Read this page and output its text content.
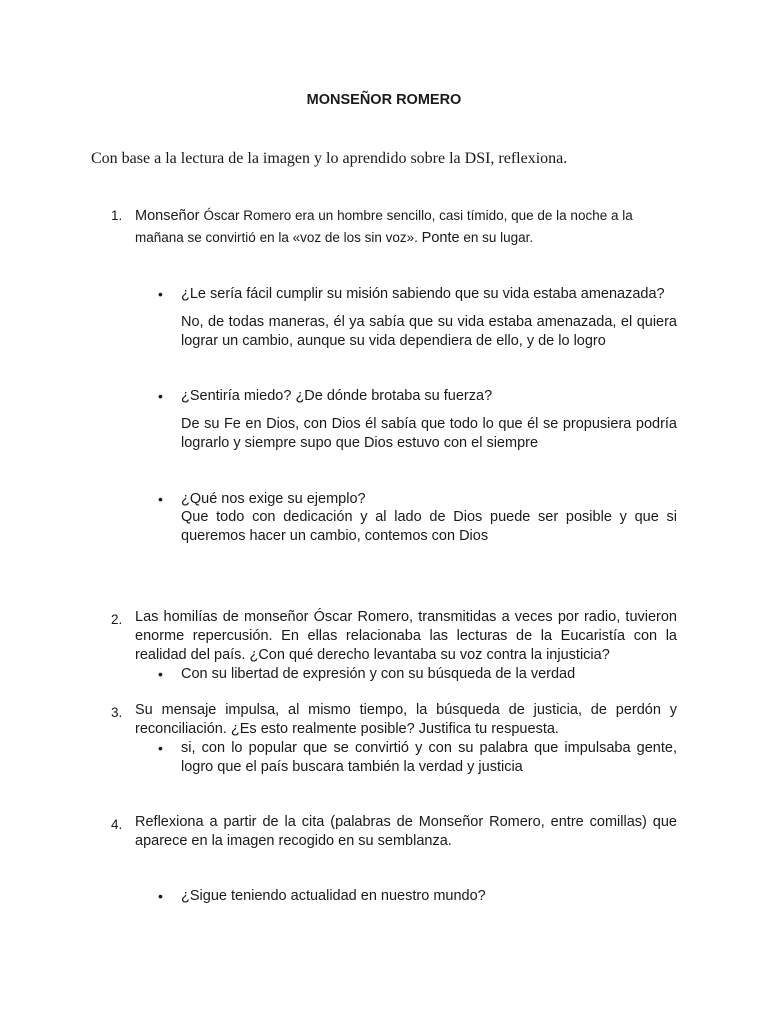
MONSEÑOR ROMERO
Con base a la lectura de la imagen y lo aprendido sobre la DSI, reflexiona.
1. Monseñor Óscar Romero era un hombre sencillo, casi tímido, que de la noche a la mañana se convirtió en la «voz de los sin voz». Ponte en su lugar.
• ¿Le sería fácil cumplir su misión sabiendo que su vida estaba amenazada?
No, de todas maneras, él ya sabía que su vida estaba amenazada, el quiera lograr un cambio, aunque su vida dependiera de ello, y de lo logro
• ¿Sentiría miedo? ¿De dónde brotaba su fuerza?
De su Fe en Dios, con Dios él sabía que todo lo que él se propusiera podría lograrlo y siempre supo que Dios estuvo con el siempre
• ¿Qué nos exige su ejemplo?
Que todo con dedicación y al lado de Dios puede ser posible y que si queremos hacer un cambio, contemos con Dios
2. Las homilías de monseñor Óscar Romero, transmitidas a veces por radio, tuvieron enorme repercusión. En ellas relacionaba las lecturas de la Eucaristía con la realidad del país. ¿Con qué derecho levantaba su voz contra la injusticia?
• Con su libertad de expresión y con su búsqueda de la verdad
3. Su mensaje impulsa, al mismo tiempo, la búsqueda de justicia, de perdón y reconciliación. ¿Es esto realmente posible? Justifica tu respuesta.
• si, con lo popular que se convirtió y con su palabra que impulsaba gente, logro que el país buscara también la verdad y justicia
4. Reflexiona a partir de la cita (palabras de Monseñor Romero, entre comillas) que aparece en la imagen recogido en su semblanza.
• ¿Sigue teniendo actualidad en nuestro mundo?
